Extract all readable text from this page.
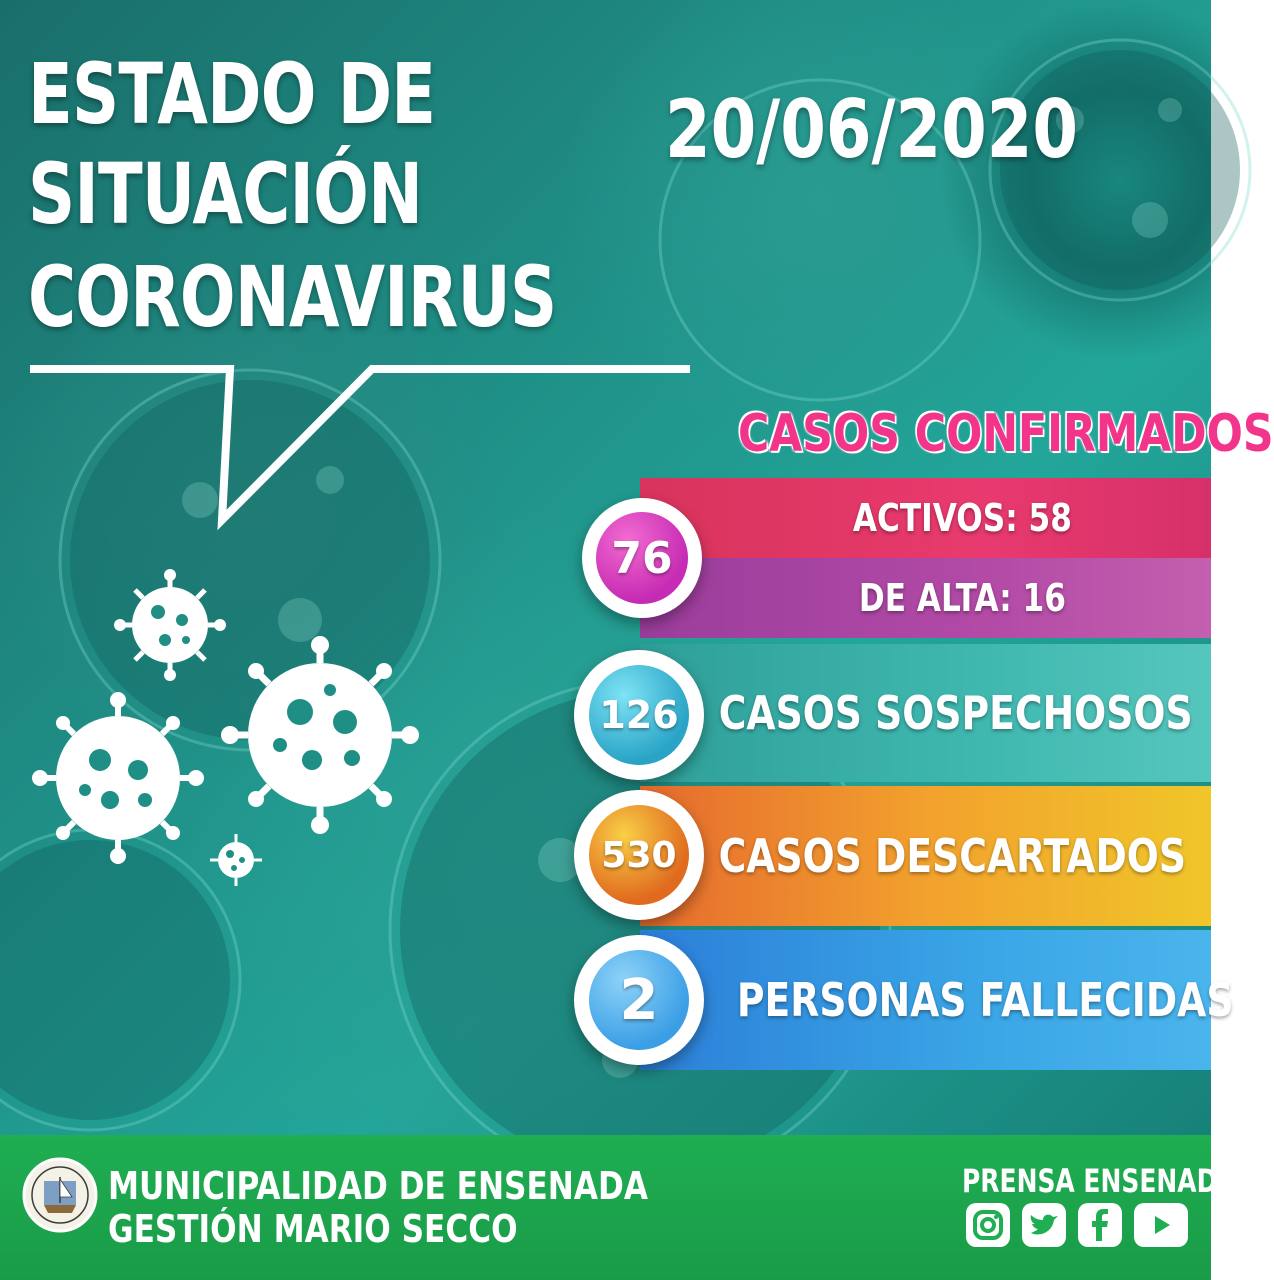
ESTADO DE
SITUACIÓN
CORONAVIRUS
20/06/2020
CASOS CONFIRMADOS
ACTIVOS: 58
DE ALTA: 16
76
CASOS SOSPECHOSOS
126
CASOS DESCARTADOS
530
PERSONAS FALLECIDAS
2
MUNICIPALIDAD DE ENSENADA
GESTIÓN MARIO SECCO
PRENSA ENSENADA
